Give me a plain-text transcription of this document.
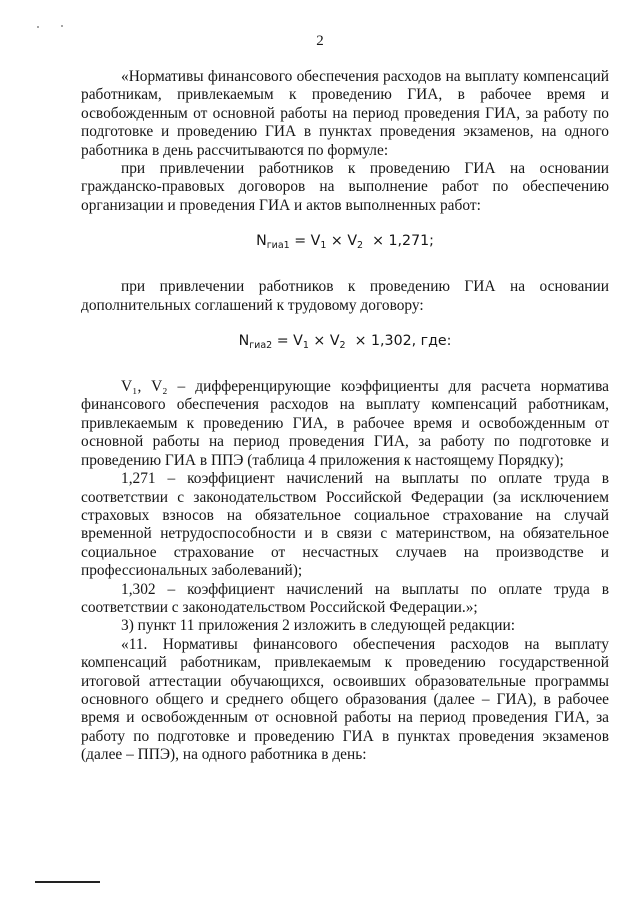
2

«Нормативы финансового обеспечения расходов на выплату компенсаций работникам, привлекаемым к проведению ГИА, в рабочее время и освобожденным от основной работы на период проведения ГИА, за работу по подготовке и проведению ГИА в пунктах проведения экзаменов, на одного работника в день рассчитываются по формуле:

при привлечении работников к проведению ГИА на основании гражданско-правовых договоров на выполнение работ по обеспечению организации и проведения ГИА и актов выполненных работ:

$N_{гиа1} = V_1 \times V_2 \times 1,271$;

при привлечении работников к проведению ГИА на основании дополнительных соглашений к трудовому договору:

$N_{гиа2} = V_1 \times V_2 \times 1,302$, где:

V₁, V₂ – дифференцирующие коэффициенты для расчета норматива финансового обеспечения расходов на выплату компенсаций работникам, привлекаемым к проведению ГИА, в рабочее время и освобожденным от основной работы на период проведения ГИА, за работу по подготовке и проведению ГИА в ППЭ (таблица 4 приложения к настоящему Порядку);

1,271 – коэффициент начислений на выплаты по оплате труда в соответствии с законодательством Российской Федерации (за исключением страховых взносов на обязательное социальное страхование на случай временной нетрудоспособности и в связи с материнством, на обязательное социальное страхование от несчастных случаев на производстве и профессиональных заболеваний);

1,302 – коэффициент начислений на выплаты по оплате труда в соответствии с законодательством Российской Федерации.»;

3) пункт 11 приложения 2 изложить в следующей редакции:

«11. Нормативы финансового обеспечения расходов на выплату компенсаций работникам, привлекаемым к проведению государственной итоговой аттестации обучающихся, освоивших образовательные программы основного общего и среднего общего образования (далее – ГИА), в рабочее время и освобожденным от основной работы на период проведения ГИА, за работу по подготовке и проведению ГИА в пунктах проведения экзаменов (далее – ППЭ), на одного работника в день:
